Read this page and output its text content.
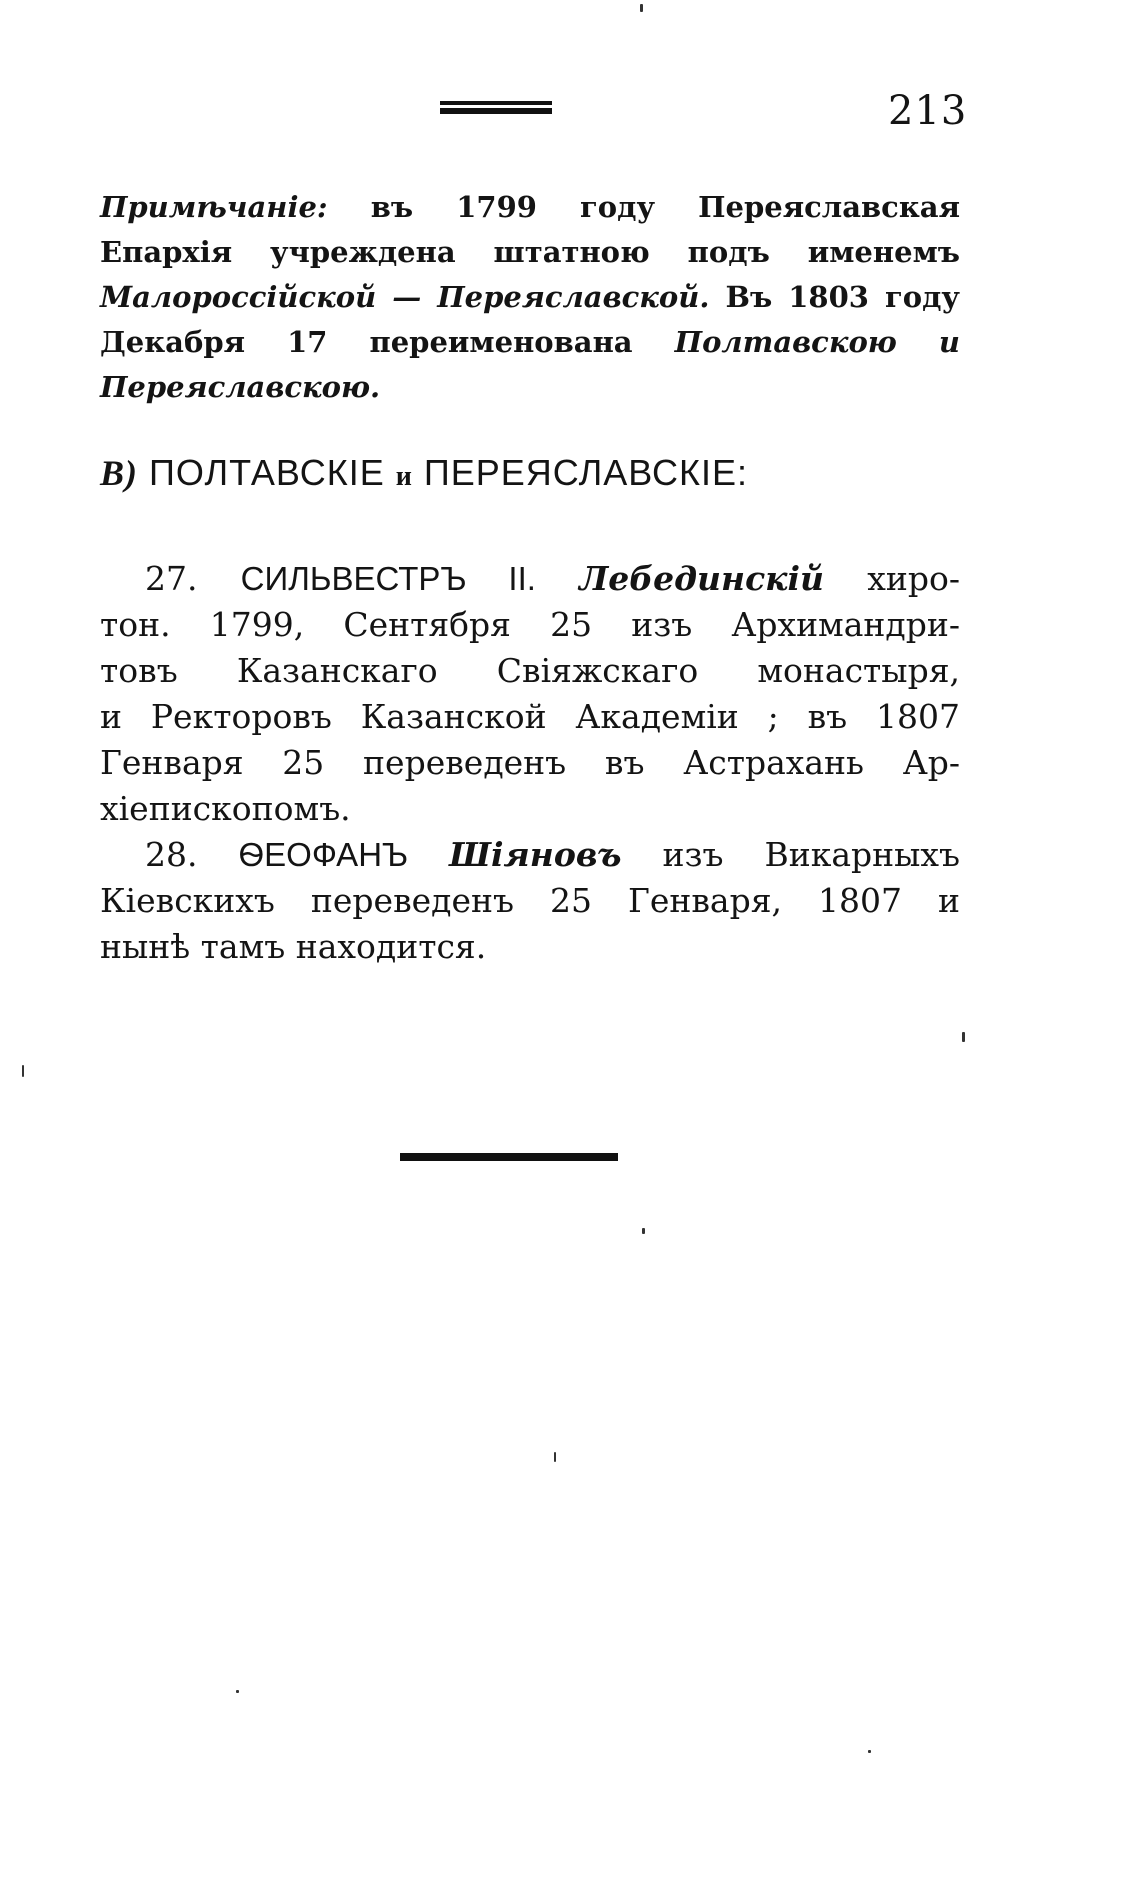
213
Примѣчаніе: въ 1799 году Переяславская
Епархія учреждена штатною подъ именемъ
Малороссійской — Переяславской. Въ 1803 году
Декабря 17 переименована Полтавскою и
Переяславскою.
В) ПОЛТАВСКІЕ и ПЕРЕЯСЛАВСКІЕ:
27. СИЛЬВЕСТРЪ II. Лебединскій хиро-
тон. 1799, Сентября 25 изъ Архимандри-
товъ Казанскаго Свіяжскаго монастыря,
и Ректоровъ Казанской Академіи ; въ 1807
Генваря 25 переведенъ въ Астрахань Ар-
хіепископомъ.
28. ѲЕОФАНЪ Шіяновъ изъ Викарныхъ
Кіевскихъ переведенъ 25 Генваря, 1807 и
нынѣ тамъ находится.
